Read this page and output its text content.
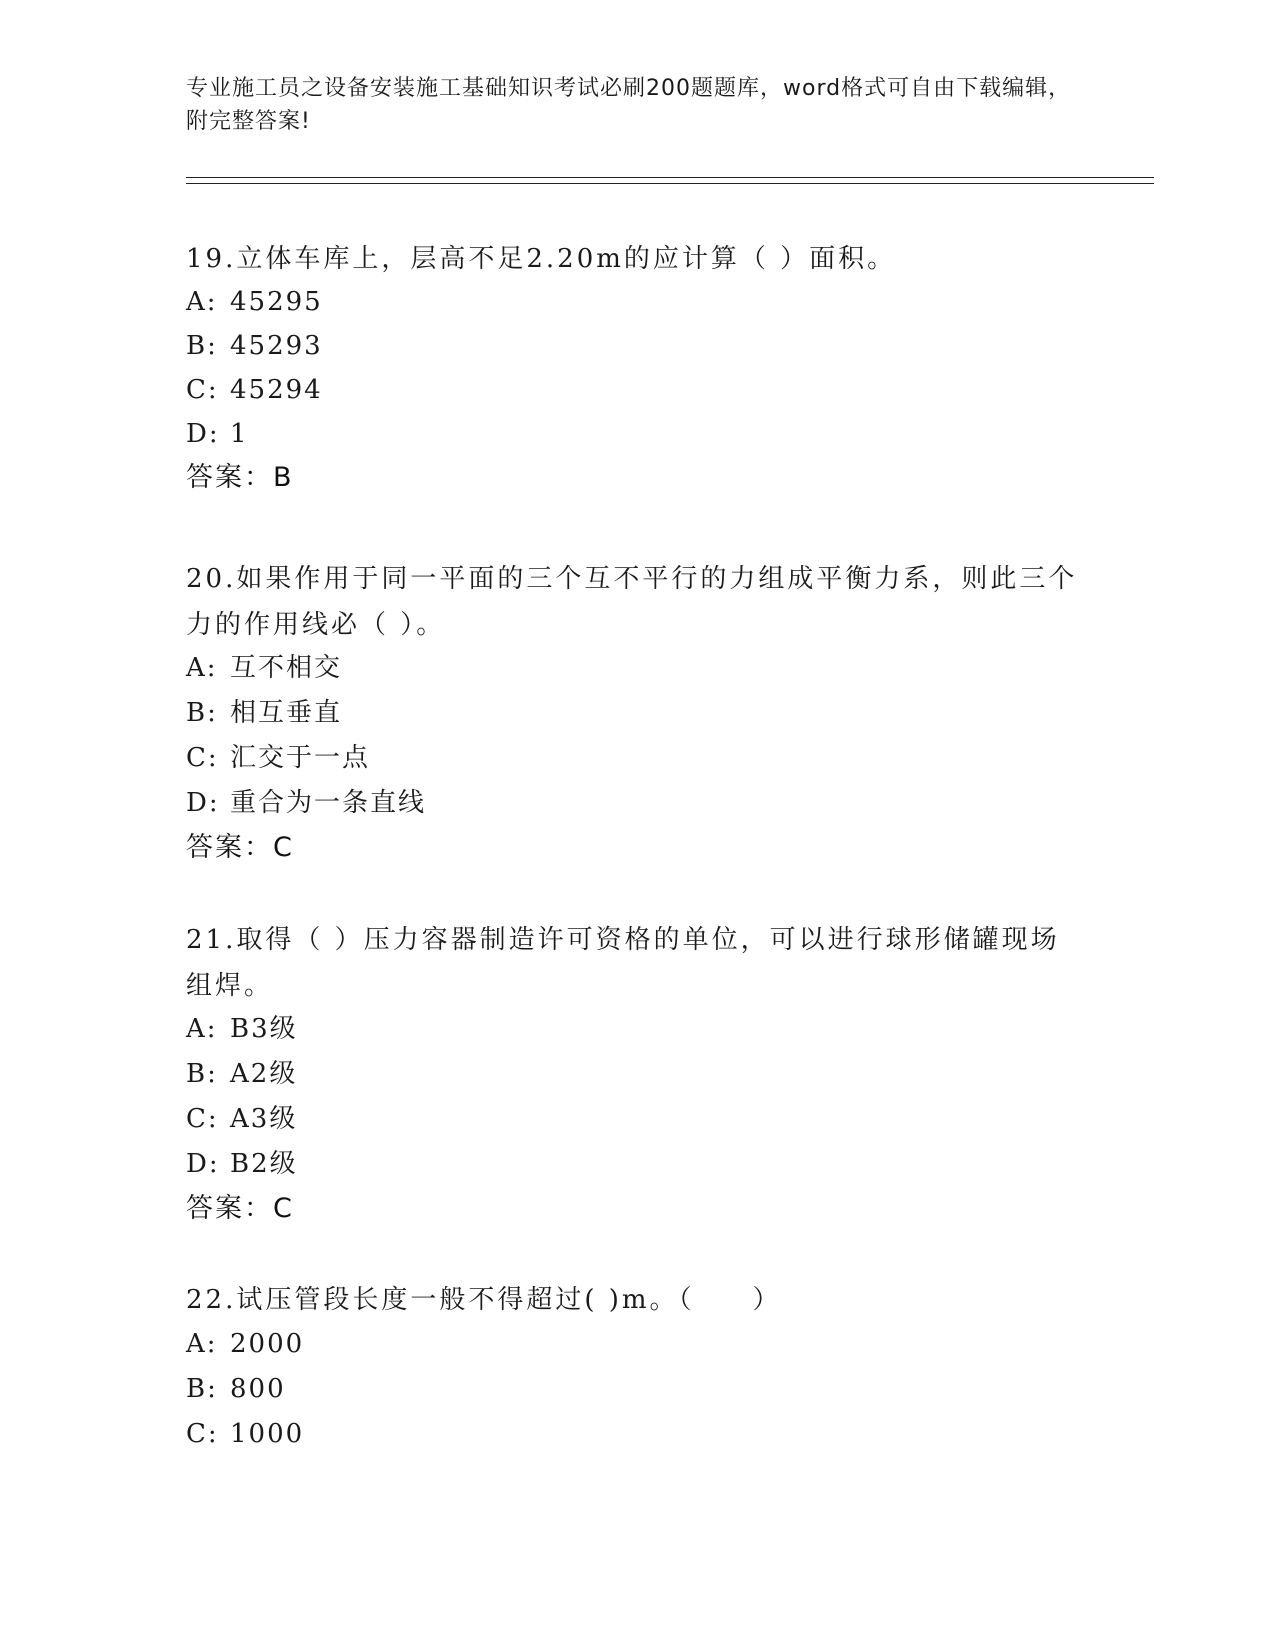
专业施工员之设备安装施工基础知识考试必刷200题题库，word格式可自由下载编辑，附完整答案!
19.立体车库上，层高不足2.20m的应计算（ ）面积。
A: 45295
B: 45293
C: 45294
D: 1
答案：B
20.如果作用于同一平面的三个互不平行的力组成平衡力系，则此三个力的作用线必（ ）。
A: 互不相交
B: 相互垂直
C: 汇交于一点
D: 重合为一条直线
答案：C
21.取得（ ）压力容器制造许可资格的单位，可以进行球形储罐现场组焊。
A: B3级
B: A2级
C: A3级
D: B2级
答案：C
22.试压管段长度一般不得超过( )m。（　　）
A: 2000
B: 800
C: 1000
